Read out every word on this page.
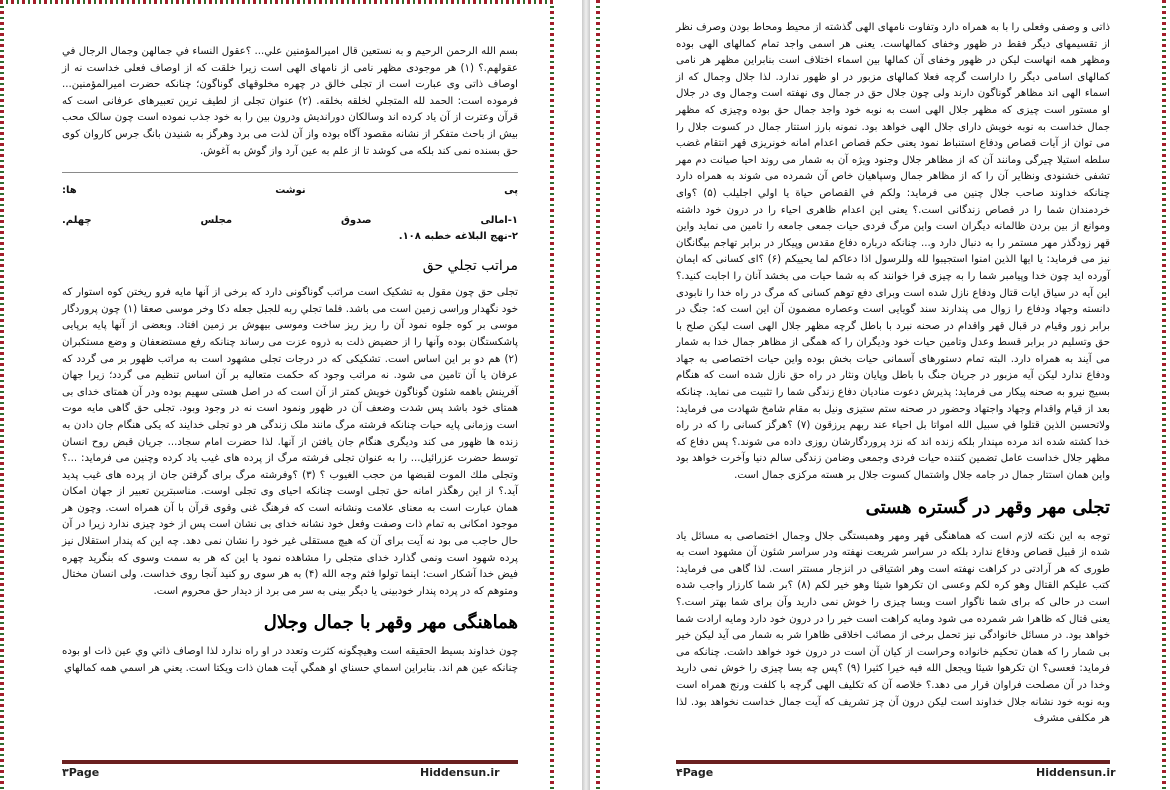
بسم الله الرحمن الرحيم و به نستعين قال اميرالمؤمنين علي... ؟عقول النساء في جمالهن وجمال الرجال في عقولهم.؟ (۱) هر موجودی مظهر نامی از نامهای الهی است زیرا خلقت که از اوصاف فعلی خداست نه از اوصاف ذاتی وی عبارت است از تجلی خالق در چهره مخلوقهای گوناگون؛ چنانکه حضرت امیرالمؤمنین... فرموده است: الحمد لله المتجلي لخلقه بخلقه. (۲) عنوان تجلی از لطیف ترین تعبیرهای عرفانی است که قرآن وعترت از آن یاد کرده اند وسالکان دوراندیش ودرون بین را به خود جذب نموده است چون سالک محب بیش از باحث متفکر از نشانه مقصود آگاه بوده واز آن لذت می برد وهرگز به شنیدن بانگ جرس کاروان کوی حق بسنده نمی کند بلکه می کوشد تا از علم به عین آرد واز گوش به آغوش.

پی
نوشت
ها:
۱-امالی
صدوق
مجلس
چهلم.
۲-نهج البلاغه خطبه ۱۰۸.
مراتب تجلي حق

تجلی حق چون مقول به تشکیک است مراتب گوناگونی دارد که برخی از آنها مایه فرو ریختن کوه استوار که خود نگهدار وراسی زمین است می باشد. فلما تجلي ربه للجبل جعله دكا وخر موسى صعقا (۱) چون پروردگار موسی بر کوه جلوه نمود آن را ریز ریز ساخت وموسی بیهوش بر زمین افتاد. وبعضی از آنها پایه برپایی پاشکستگان بوده وآنها را از حضیض ذلت به ذروه عزت می رساند چنانکه رفع مستضعفان و وضع مستکبران (۲) هم دو بر این اساس است. تشکیکی که در درجات تجلی مشهود است به مراتب ظهور بر می گردد که عرفان یا آن تامین می شود. نه مراتب وجود که حکمت متعالیه بر آن اساس تنظیم می گردد؛ زیرا جهان آفرینش باهمه شئون گوناگون خویش کمتر از آن است که در اصل هستی سهیم بوده ودر آن همتای خدای بی همتای خود باشد پس شدت وضعف آن در ظهور ونمود است نه در وجود وبود. تجلی حق گاهی مایه موت است وزمانی پایه حیات چنانکه فرشته مرگ مانند ملک زندگی هر دو تجلی خدایند که یکی هنگام جان دادن به زنده ها ظهور می کند ودیگری هنگام جان یافتن از آنها. لذا حضرت امام سجاد... جریان قبض روح انسان توسط حضرت عزرائیل... را به عنوان تجلی فرشته مرگ از پرده های غیب یاد کرده وچنین می فرماید: ...؟ وتجلى ملك الموت لقبضها من حجب الغيوب ؟ (۳) ؟وفرشته مرگ برای گرفتن جان از پرده های غیب پدید آید.؟ از این رهگذر امانه حق تجلی اوست چنانکه احیای وی تجلی اوست. مناسبترین تعبیر از جهان امکان همان عبارت است به معنای علامت ونشانه است که فرهنگ غنی وقوی قرآن با آن همراه است. وچون هر موجود امکانی به تمام ذات وصفت وفعل خود نشانه خدای بی نشان است پس از خود چیزی ندارد زیرا در آن حال حاجب می بود نه آیت برای آن که هیچ مستقلی غیر خود را نشان نمی دهد. چه این که پندار استقلال نیز پرده شهود است ونمی گذارد خدای متجلی را مشاهده نمود یا این که هر به سمت وسوی که بنگرید چهره فیض خدا آشکار است: اينما تولوا فثم وجه الله (۴) به هر سوی رو کنید آنجا روی خداست. ولی انسان مختال ومتوهم که در پرده پندار خودبینی یا دیگر بینی به سر می برد از دیدار حق محروم است.

هماهنگی مهر وقهر با جمال وجلال

چون خداوند بسيط الحقيقه است وهيچگونه كثرت وتعدد در او راه ندارد لذا اوصاف ذاتي وي عين ذات او بوده چنانكه عين هم اند. بنابراين اسماي حسناي او همگي آيت همان ذات ويكتا است. يعني هر اسمي همه كمالهاي

۳Page	Hiddensun.ir

ذاتی و وصفی وفعلی را با به همراه دارد وتفاوت نامهای الهی گذشته از محیط ومحاط بودن وصرف نظر از تقسیمهای دیگر فقط در ظهور وخفای کمالهاست. یعنی هر اسمی واجد تمام کمالهای الهی بوده ومظهر همه انهاست لیکن در ظهور وخفای آن کمالها بین اسماء اختلاف است بنابراین مظهر هر نامی کمالهای اسامی دیگر را داراست گرچه فعلا کمالهای مزبور در او ظهور ندارد. لذا جلال وجمال که از اسماء الهی اند مظاهر گوناگون دارند ولی چون جلال حق در جمال وی نهفته است وجمال وی در جلال او مستور است چیزی که مظهر جلال الهی است به نوبه خود واجد جمال حق بوده وچیزی که مظهر جمال خداست به نوبه خویش دارای جلال الهی خواهد بود. نمونه بارز استتار جمال در کسوت جلال را می توان از آیات قصاص ودفاع استنباط نمود یعنی حکم قصاص اعدام امانه خونریزی قهر انتقام غضب سلطه استیلا چیرگی ومانند آن که از مظاهر جلال وجنود ویژه آن به شمار می روند احیا صیانت دم مهر تشفی خشنودی ونظایر آن را که از مظاهر جمال وسپاهیان خاص آن شمرده می شوند به همراه دارد چنانکه خداوند صاحب جلال چنین می فرماید: ولكم في القصاص حياة يا اولي اجليلب (۵) ؟وای خردمندان شما را در قصاص زندگانی است.؟ یعنی این اعدام ظاهری احیاء را در درون خود داشته وموانع از بین بردن ظالمانه دیگران است واین مرگ فردی حیات جمعی جامعه را تامین می نماید واین قهر زودگذر مهر مستمر را به دنبال دارد و... چنانکه درباره دفاع مقدس وپیکار در برابر تهاجم بیگانگان نیز می فرماید: يا ايها الذين امنوا استجيبوا لله وللرسول اذا دعاكم لما يحييكم (۶) ؟ای کسانی که ایمان آورده اید چون خدا وپیامبر شما را به چیزی فرا خوانند که به شما حیات می بخشد آنان را اجابت کنید.؟ این آیه در سیاق ایات قتال ودفاع نازل شده است وبرای دفع توهم کسانی که مرگ در راه خدا را نابودی دانسته وجهاد ودفاع را زوال می پندارند سند گویایی است وعصاره مضمون آن این است که: جنگ در برابر زور وقیام در قبال قهر واقدام در صحنه نبرد با باطل گرچه مظهر جلال الهی است لیکن صلح با حق وتسلیم در برابر قسط وعدل وتامین حیات خود ودیگران را که همگی از مظاهر جمال خدا به شمار می آیند به همراه دارد. البته تمام دستورهای آسمانی حیات بخش بوده واین حیات اختصاصی به جهاد ودفاع ندارد لیکن آیه مزبور در جریان جنگ با باطل وپایان ونثار در راه حق نازل شده است که هنگام بسیج نیرو به صحنه پیکار می فرماید: پذیرش دعوت منادیان دفاع زندگی شما را تثبیت می نماید. چنانکه بعد از قیام واقدام وجهاد واجتهاد وحضور در صحنه ستم ستیزی ونیل به مقام شامخ شهادت می فرماید: ولاتحسبن الذين قتلوا في سبيل الله امواتا بل احياء عند ربهم يرزقون (۷) ؟هرگز کسانی را که در راه خدا کشته شده اند مرده مپندار بلکه زنده اند که نزد پروردگارشان روزی داده می شوند.؟ پس دفاع که مظهر جلال خداست عامل تضمین کننده حیات فردی وجمعی وضامن زندگی سالم دنیا وآخرت خواهد بود واین همان استتار جمال در جامه جلال واشتمال کسوت جلال بر هسته مرکزی جمال است.

تجلی مهر وقهر در گستره هستی

توجه به این نکته لازم است که هماهنگی قهر ومهر وهمبستگی جلال وجمال اختصاصی به مسائل یاد شده از قبیل قصاص ودفاع ندارد بلکه در سراسر شریعت نهفته ودر سراسر شئون آن مشهود است به طوری که هر آرادتی در کراهت نهفته است وهر اشتیاقی در انزجار مستتر است. لذا گاهی می فرماید: كتب عليكم القتال وهو كره لكم وعسى ان تكرهوا شيئا وهو خير لكم (۸) ؟بر شما کارزار واجب شده است در حالی که برای شما ناگوار است وبسا چیزی را خوش نمی دارید وآن برای شما بهتر است.؟ یعنی قتال که ظاهرا شر شمرده می شود ومایه کراهت است خیر را در درون خود دارد ومایه ارادت شما خواهد بود. در مسائل خانوادگی نیز تحمل برخی از مصائب اخلاقی ظاهرا شر به شمار می آید لیکن خیر بی شمار را که همان تحکیم خانواده وحراست از کیان آن است در درون خود خواهد داشت. چنانکه می فرماید: فعسى؟ ان تكرهوا شيئا ويجعل الله فيه خيرا كثيرا (۹) ؟پس چه بسا چیزی را خوش نمی دارید وخدا در آن مصلحت فراوان قرار می دهد.؟ خلاصه آن که تکلیف الهی گرچه با کلفت ورنج همراه است وبه نوبه خود نشانه جلال خداوند است لیکن درون آن چز تشریف که آیت جمال خداست نخواهد بود. لذا هر مکلفی مشرف

۴Page	Hiddensun.ir
